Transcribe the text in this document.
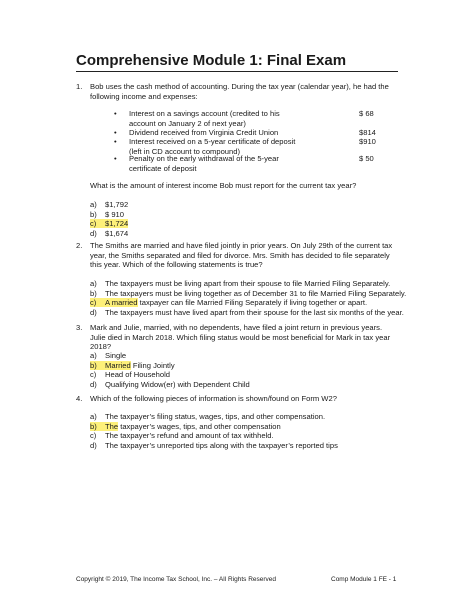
Comprehensive Module 1: Final Exam
1. Bob uses the cash method of accounting. During the tax year (calendar year), he had the following income and expenses:

• Interest on a savings account (credited to his account on January 2 of next year)
$ 68
• Dividend received from Virginia Credit Union	$814
• Interest received on a 5-year certificate of deposit (left in CD account to compound)
$910
• Penalty on the early withdrawal of the 5-year certificate of deposit
$ 50

What is the amount of interest income Bob must report for the current tax year?

a) $1,792
b) $ 910
c) $1,724
d) $1,674
2. The Smiths are married and have filed jointly in prior years. On July 29th of the current tax year, the Smiths separated and filed for divorce. Mrs. Smith has decided to file separately this year. Which of the following statements is true?

a) The taxpayers must be living apart from their spouse to file Married Filing Separately.
b) The taxpayers must be living together as of December 31 to file Married Filing Separately.
c) A married taxpayer can file Married Filing Separately if living together or apart.
d) The taxpayers must have lived apart from their spouse for the last six months of the year.
3. Mark and Julie, married, with no dependents, have filed a joint return in previous years. Julie died in March 2018. Which filing status would be most beneficial for Mark in tax year 2018?

a) Single
b) Married Filing Jointly
c) Head of Household
d) Qualifying Widow(er) with Dependent Child
4. Which of the following pieces of information is shown/found on Form W2?

a) The taxpayer’s filing status, wages, tips, and other compensation.
b) The taxpayer’s wages, tips, and other compensation
c) The taxpayer’s refund and amount of tax withheld.
d) The taxpayer’s unreported tips along with the taxpayer’s reported tips
Copyright © 2019, The Income Tax School, Inc. – All Rights Reserved	Comp Module 1 FE - 1
